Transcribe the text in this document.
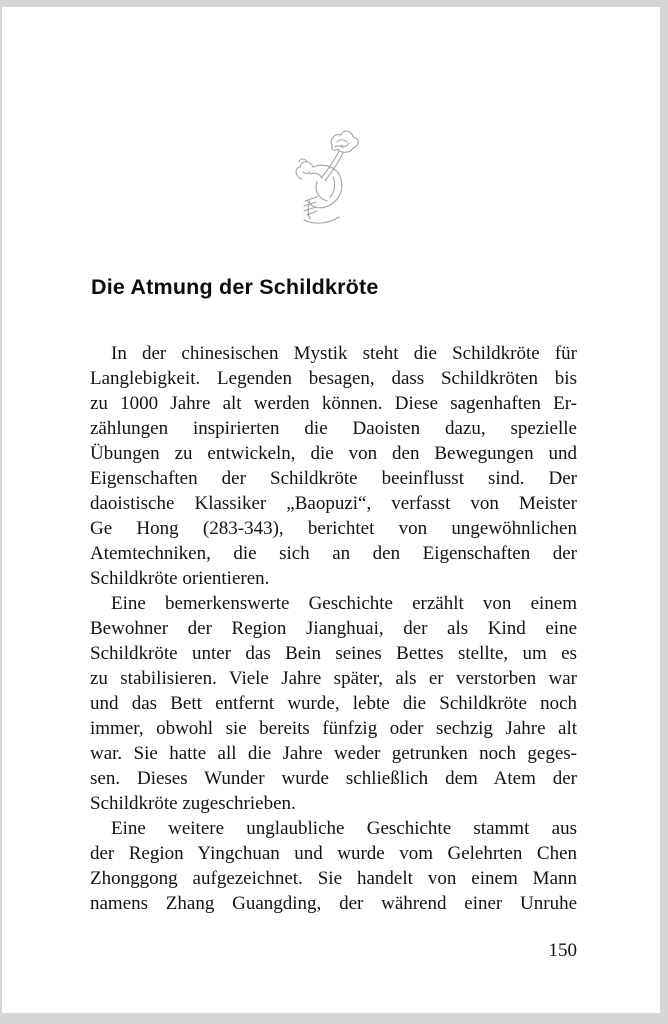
Die Atmung der Schildkröte
In der chinesischen Mystik steht die Schildkröte für
Langlebigkeit. Legenden besagen, dass Schildkröten bis
zu 1000 Jahre alt werden können. Diese sagenhaften Er-
zählungen inspirierten die Daoisten dazu, spezielle
Übungen zu entwickeln, die von den Bewegungen und
Eigenschaften der Schildkröte beeinflusst sind. Der
daoistische Klassiker „Baopuzi“, verfasst von Meister
Ge Hong (283-343), berichtet von ungewöhnlichen
Atemtechniken, die sich an den Eigenschaften der
Schildkröte orientieren.
Eine bemerkenswerte Geschichte erzählt von einem
Bewohner der Region Jianghuai, der als Kind eine
Schildkröte unter das Bein seines Bettes stellte, um es
zu stabilisieren. Viele Jahre später, als er verstorben war
und das Bett entfernt wurde, lebte die Schildkröte noch
immer, obwohl sie bereits fünfzig oder sechzig Jahre alt
war. Sie hatte all die Jahre weder getrunken noch geges-
sen. Dieses Wunder wurde schließlich dem Atem der
Schildkröte zugeschrieben.
Eine weitere unglaubliche Geschichte stammt aus
der Region Yingchuan und wurde vom Gelehrten Chen
Zhonggong aufgezeichnet. Sie handelt von einem Mann
namens Zhang Guangding, der während einer Unruhe
150
